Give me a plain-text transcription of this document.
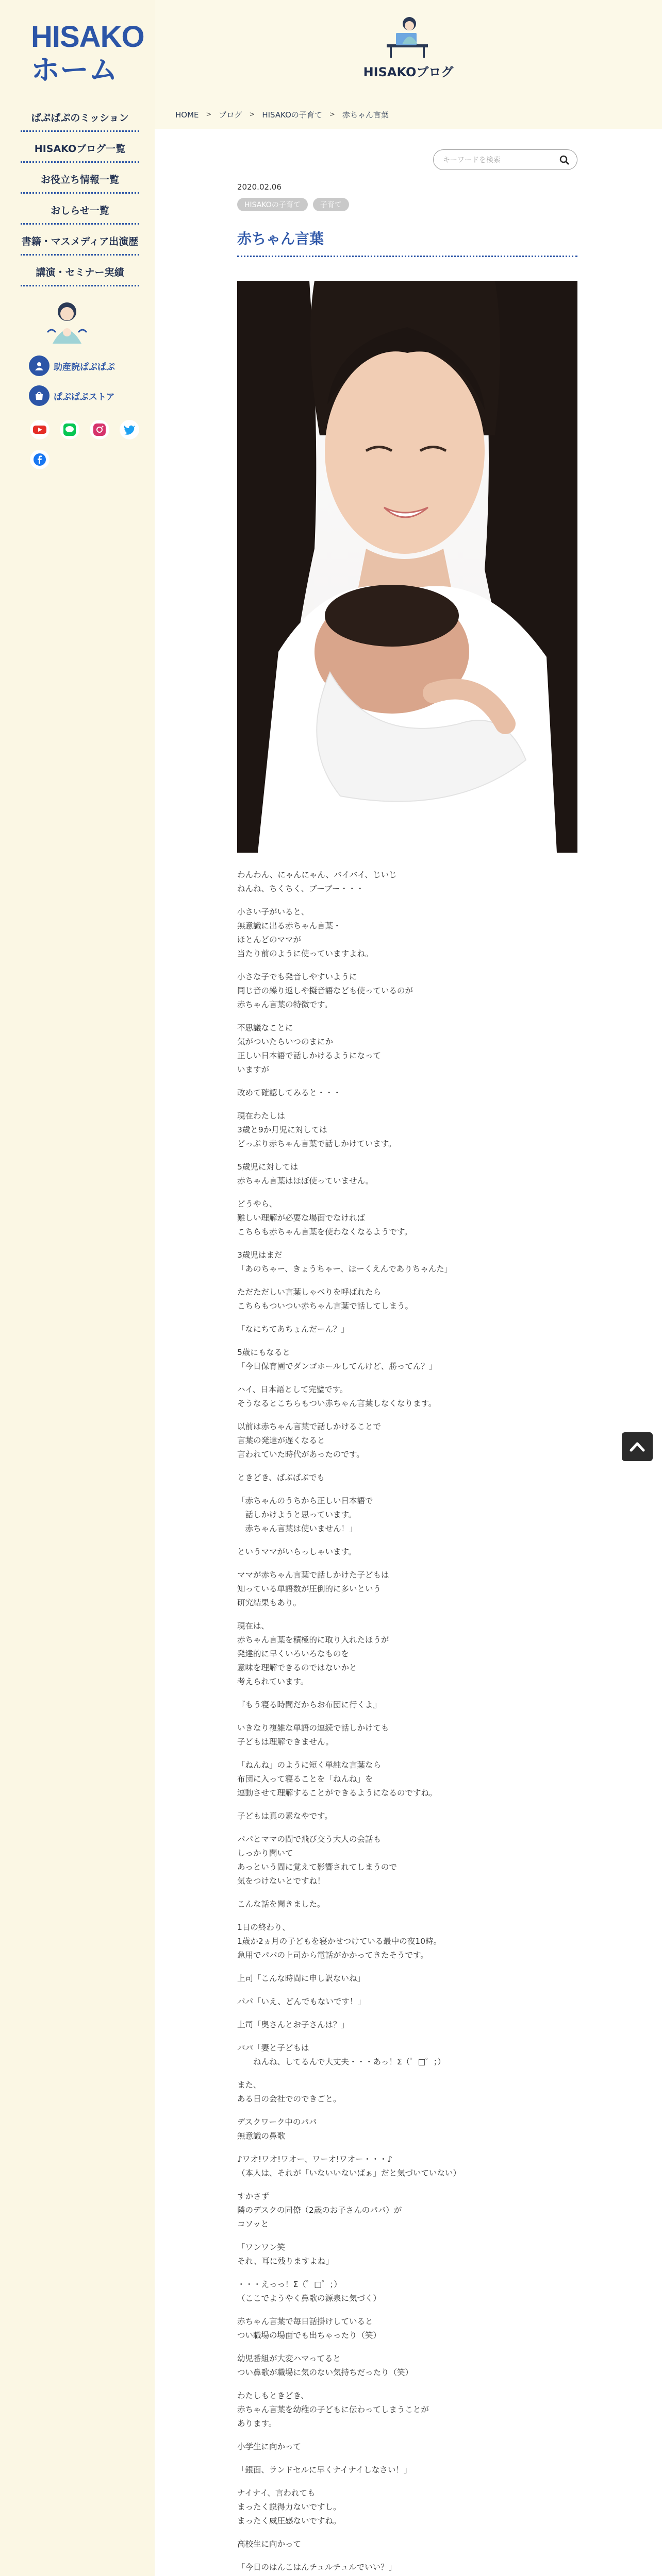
HISAKO
ホーム
ぱぷぱぷのミッション
HISAKOブログ一覧
お役立ち情報一覧
おしらせ一覧
書籍・マスメディア出演歴
講演・セミナー実績
助産院ぱぷぱぷ
ぱぷぱぷストア
HISAKOブログ
HOME > ブログ > HISAKOの子育て > 赤ちゃん言葉
キーワードを検索
2020.02.06
HISAKOの子育て	子育て
赤ちゃん言葉

わんわん、にゃんにゃん、バイバイ、じいじ
ねんね、ちくちく、ブーブー・・・

小さい子がいると、
無意識に出る赤ちゃん言葉・
ほとんどのママが
当たり前のように使っていますよね。

小さな子でも発音しやすいように
同じ音の繰り返しや擬音語なども使っているのが
赤ちゃん言葉の特徴です。

不思議なことに
気がついたらいつのまにか
正しい日本語で話しかけるようになって
いますが

改めて確認してみると・・・

現在わたしは
3歳と9か月児に対しては
どっぷり赤ちゃん言葉で話しかけています。

5歳児に対しては
赤ちゃん言葉はほぼ使っていません。

どうやら、
難しい理解が必要な場面でなければ
こちらも赤ちゃん言葉を使わなくなるようです。

3歳児はまだ
「あのちゃー、きょうちゃー、ほーくえんでありちゃんた」

ただただしい言葉しゃべりを呼ばれたら
こちらもついつい赤ちゃん言葉で話してしまう。

「なにちてあちょんだーん？」

5歳にもなると
「今日保育園でダンゴホールしてんけど、勝ってん？」

ハイ、日本語として完璧です。
そうなるとこちらもつい赤ちゃん言葉しなくなります。

以前は赤ちゃん言葉で話しかけることで
言葉の発達が遅くなると
言われていた時代があったのです。

ときどき、ばぶばぶでも

「赤ちゃんのうちから正しい日本語で
　話しかけようと思っています。
　赤ちゃん言葉は使いません！」

というママがいらっしゃいます。

ママが赤ちゃん言葉で話しかけた子どもは
知っている単語数が圧倒的に多いという
研究結果もあり。

現在は、
赤ちゃん言葉を積極的に取り入れたほうが
発達的に早くいろいろなものを
意味を理解できるのではないかと
考えられています。

『もう寝る時間だからお布団に行くよ』

いきなり複雑な単語の連続で話しかけても
子どもは理解できません。

「ねんね」のように短く単純な言葉なら
布団に入って寝ることを「ねんね」を
連動させて理解することができるようになるのですね。

子どもは真の素なやです。

パパとママの間で飛び交う大人の会話も
しっかり聞いて
あっという間に覚えて影響されてしまうので
気をつけないとですね！

こんな話を聞きました。

1日の終わり、
1歳か2ヵ月の子どもを寝かせつけている最中の夜10時。
急用でパパの上司から電話がかかってきたそうです。

上司「こんな時間に申し訳ないね」

パパ「いえ、どんでもないです！」

上司「奥さんとお子さんは？」

パパ「妻と子どもは
　　ねんね、してるんで大丈夫・・・あっ！Σ（゜□゜；）

また、
ある日の会社でのできごと。

デスクワーク中のパパ
無意識の鼻歌

♪ワオ!ワオ!ワオー、ワーオ!ワオー・・・♪
（本人は、それが「いないいないばぁ」だと気づいていない）

すかさず
隣のデスクの同僚（2歳のお子さんのパパ）が
コソッと

「ワンワン笑
それ、耳に残りますよね」

・・・えっっ！Σ（゜□゜；）
（ここでようやく鼻歌の源泉に気づく）

赤ちゃん言葉で毎日話掛けしていると
つい職場の場面でも出ちゃったり（笑）

幼児番組が大変ハマってると
つい鼻歌が職場に気のない気持ちだったり（笑）

わたしもときどき、
赤ちゃん言葉を幼稚の子どもに伝わってしまうことが
あります。

小学生に向かって

「銀面、ランドセルに早くナイナイしなさい！」

ナイナイ、言われても
まったく説得力ないですし。
まったく威圧感ないですね。

高校生に向かって

「今日のはんこはんチュルチュルでいい？」
